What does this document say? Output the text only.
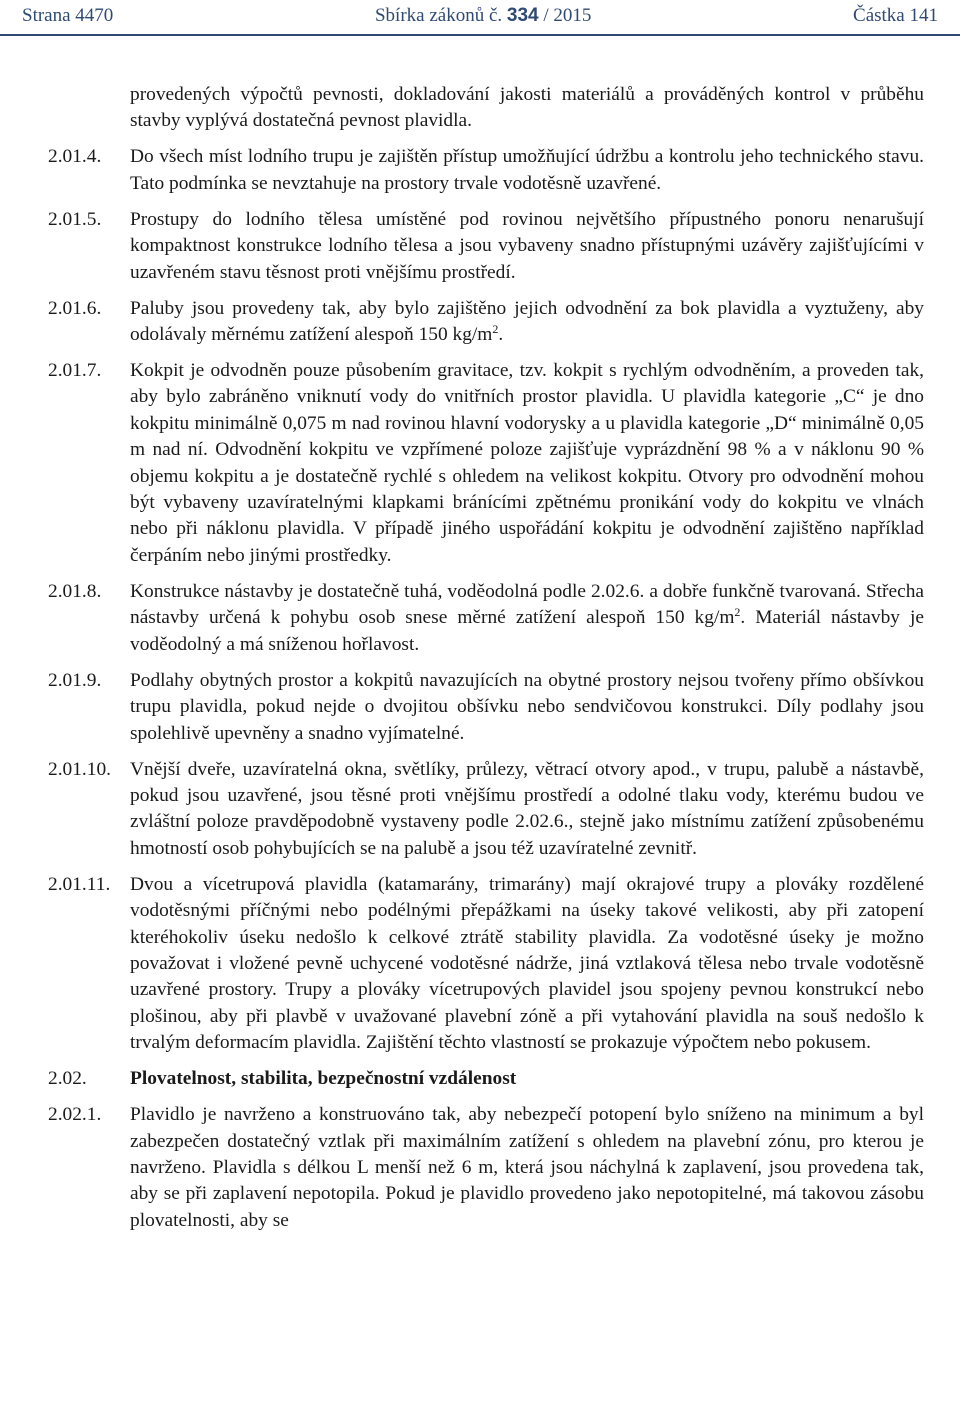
Strana 4470	Sbírka zákonů č. 334 / 2015	Částka 141
provedených výpočtů pevnosti, dokladování jakosti materiálů a prováděných kontrol v průběhu stavby vyplývá dostatečná pevnost plavidla.
2.01.4.	Do všech míst lodního trupu je zajištěn přístup umožňující údržbu a kontrolu jeho technického stavu. Tato podmínka se nevztahuje na prostory trvale vodotěsně uzavřené.
2.01.5.	Prostupy do lodního tělesa umístěné pod rovinou největšího přípustného ponoru nenarušují kompaktnost konstrukce lodního tělesa a jsou vybaveny snadno přístupnými uzávěry zajišťujícími v uzavřeném stavu těsnost proti vnějšímu prostředí.
2.01.6.	Paluby jsou provedeny tak, aby bylo zajištěno jejich odvodnění za bok plavidla a vyztuženy, aby odolávaly měrnému zatížení alespoň 150 $kg/m^2$.
2.01.7.	Kokpit je odvodněn pouze působením gravitace, tzv. kokpit s rychlým odvodněním, a proveden tak, aby bylo zabráněno vniknutí vody do vnitřních prostor plavidla. U plavidla kategorie „C“ je dno kokpitu minimálně 0,075 m nad rovinou hlavní vodorysky a u plavidla kategorie „D“ minimálně 0,05 m nad ní. Odvodnění kokpitu ve vzpřímené poloze zajišťuje vyprázdnění 98 % a v náklonu 90 % objemu kokpitu a je dostatečně rychlé s ohledem na velikost kokpitu. Otvory pro odvodnění mohou být vybaveny uzavíratelnými klapkami bránícími zpětnému pronikání vody do kokpitu ve vlnách nebo při náklonu plavidla. V případě jiného uspořádání kokpitu je odvodnění zajištěno například čerpáním nebo jinými prostředky.
2.01.8.	Konstrukce nástavby je dostatečně tuhá, voděodolná podle 2.02.6. a dobře funkčně tvarovaná. Střecha nástavby určená k pohybu osob snese měrné zatížení alespoň 150 $kg/m^2$. Materiál nástavby je voděodolný a má sníženou hořlavost.
2.01.9.	Podlahy obytných prostor a kokpitů navazujících na obytné prostory nejsou tvořeny přímo obšívkou trupu plavidla, pokud nejde o dvojitou obšívku nebo sendvičovou konstrukci. Díly podlahy jsou spolehlivě upevněny a snadno vyjímatelné.
2.01.10. Vnější dveře, uzavíratelná okna, světlíky, průlezy, větrací otvory apod., v trupu, palubě a nástavbě, pokud jsou uzavřené, jsou těsné proti vnějšímu prostředí a odolné tlaku vody, kterému budou ve zvláštní poloze pravděpodobně vystaveny podle 2.02.6., stejně jako místnímu zatížení způsobenému hmotností osob pohybujících se na palubě a jsou též uzavíratelné zevnitř.
2.01.11.	Dvou a vícetrupová plavidla (katamarány, trimarány) mají okrajové trupy a plováky rozdělené vodotěsnými příčnými nebo podélnými přepážkami na úseky takové velikosti, aby při zatopení kteréhokoliv úseku nedošlo k celkové ztrátě stability plavidla. Za vodotěsné úseky je možno považovat i vložené pevně uchycené vodotěsné nádrže, jiná vztlaková tělesa nebo trvale vodotěsně uzavřené prostory. Trupy a plováky vícetrupových plavidel jsou spojeny pevnou konstrukcí nebo plošinou, aby při plavbě v uvažované plavební zóně a při vytahování plavidla na souš nedošlo k trvalým deformacím plavidla. Zajištění těchto vlastností se prokazuje výpočtem nebo pokusem.
2.02.	Plovatelnost, stabilita, bezpečnostní vzdálenost
2.02.1.	Plavidlo je navrženo a konstruováno tak, aby nebezpečí potopení bylo sníženo na minimum a byl zabezpečen dostatečný vztlak při maximálním zatížení s ohledem na plavební zónu, pro kterou je navrženo. Plavidla s délkou L menší než 6 m, která jsou náchylná k zaplavení, jsou provedena tak, aby se při zaplavení nepotopila. Pokud je plavidlo provedeno jako nepotopitelné, má takovou zásobu plovatelnosti, aby se
